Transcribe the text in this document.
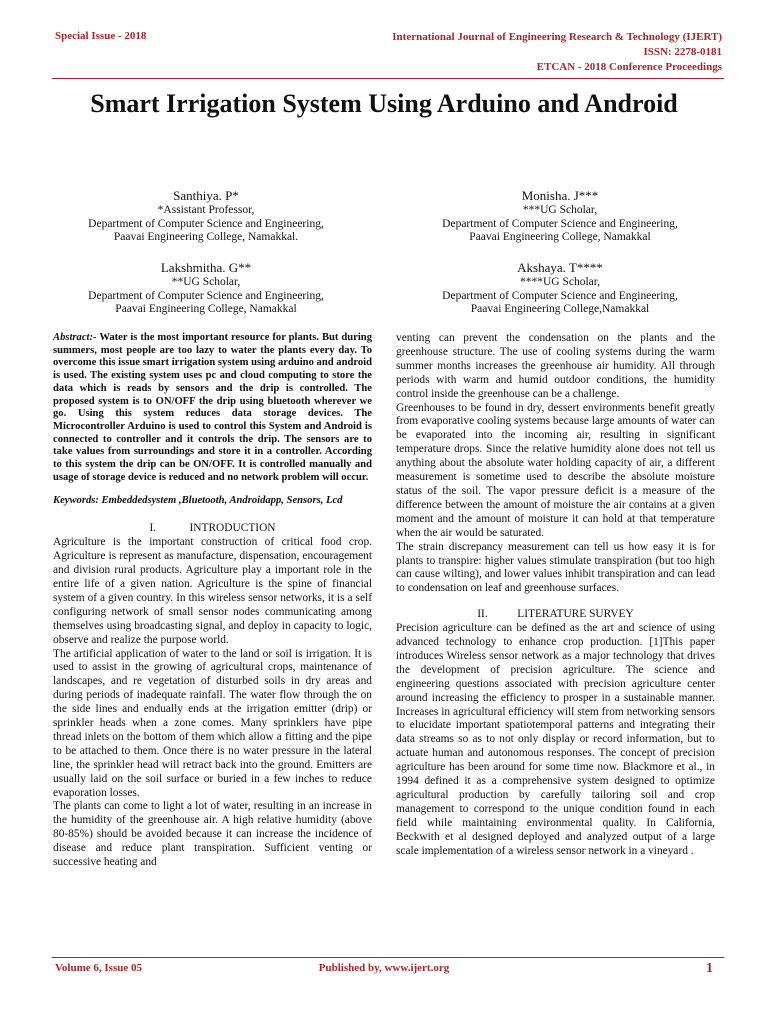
Special Issue - 2018	International Journal of Engineering Research & Technology (IJERT)
ISSN: 2278-0181
ETCAN - 2018 Conference Proceedings
Smart Irrigation System Using Arduino and Android
Santhiya. P*
*Assistant Professor,
Department of Computer Science and Engineering,
Paavai Engineering College, Namakkal.
Monisha. J***
***UG Scholar,
Department of Computer Science and Engineering,
Paavai Engineering College, Namakkal
Lakshmitha. G**
**UG Scholar,
Department of Computer Science and Engineering,
Paavai Engineering College, Namakkal
Akshaya. T****
****UG Scholar,
Department of Computer Science and Engineering,
Paavai Engineering College,Namakkal

Abstract:- Water is the most important resource for plants. But during summers, most people are too lazy to water the plants every day. To overcome this issue smart irrigation system using arduino and android is used. The existing system uses pc and cloud computing to store the data which is reads by sensors and the drip is controlled. The proposed system is to ON/OFF the drip using bluetooth wherever we go. Using this system reduces data storage devices. The Microcontroller Arduino is used to control this System and Android is connected to controller and it controls the drip. The sensors are to take values from surroundings and store it in a controller. According to this system the drip can be ON/OFF. It is controlled manually and usage of storage device is reduced and no network problem will occur.

Keywords: Embeddedsystem ,Bluetooth, Androidapp, Sensors, Lcd

I.	INTRODUCTION

Agriculture is the important construction of critical food crop. Agriculture is represent as manufacture, dispensation, encouragement and division rural products. Agriculture play a important role in the entire life of a given nation. Agriculture is the spine of financial system of a given country. In this wireless sensor networks, it is a self configuring network of small sensor nodes communicating among themselves using broadcasting signal, and deploy in capacity to logic, observe and realize the purpose world.

The artificial application of water to the land or soil is irrigation. It is used to assist in the growing of agricultural crops, maintenance of landscapes, and re vegetation of disturbed soils in dry areas and during periods of inadequate rainfall. The water flow through the on the side lines and endually ends at the irrigation emitter (drip) or sprinkler heads when a zone comes. Many sprinklers have pipe thread inlets on the bottom of them which allow a fitting and the pipe to be attached to them. Once there is no water pressure in the lateral line, the sprinkler head will retract back into the ground. Emitters are usually laid on the soil surface or buried in a few inches to reduce evaporation losses.

The plants can come to light a lot of water, resulting in an increase in the humidity of the greenhouse air. A high relative humidity (above 80-85%) should be avoided because it can increase the incidence of disease and reduce plant transpiration. Sufficient venting or successive heating and

venting can prevent the condensation on the plants and the greenhouse structure. The use of cooling systems during the warm summer months increases the greenhouse air humidity. All through periods with warm and humid outdoor conditions, the humidity control inside the greenhouse can be a challenge.

Greenhouses to be found in dry, dessert environments benefit greatly from evaporative cooling systems because large amounts of water can be evaporated into the incoming air, resulting in significant temperature drops. Since the relative humidity alone does not tell us anything about the absolute water holding capacity of air, a different measurement is sometime used to describe the absolute moisture status of the soil. The vapor pressure deficit is a measure of the difference between the amount of moisture the air contains at a given moment and the amount of moisture it can hold at that temperature when the air would be saturated.

The strain discrepancy measurement can tell us how easy it is for plants to transpire: higher values stimulate transpiration (but too high can cause wilting), and lower values inhibit transpiration and can lead to condensation on leaf and greenhouse surfaces.

II.	LITERATURE SURVEY

Precision agriculture can be defined as the art and science of using advanced technology to enhance crop production. [1]This paper introduces Wireless sensor network as a major technology that drives the development of precision agriculture. The science and engineering questions associated with precision agriculture center around increasing the efficiency to prosper in a sustainable manner. Increases in agricultural efficiency will stem from networking sensors to elucidate important spatiotemporal patterns and integrating their data streams so as to not only display or record information, but to actuate human and autonomous responses. The concept of precision agriculture has been around for some time now. Blackmore et al., in 1994 defined it as a comprehensive system designed to optimize agricultural production by carefully tailoring soil and crop management to correspond to the unique condition found in each field while maintaining environmental quality. In California, Beckwith et al designed deployed and analyzed output of a large scale implementation of a wireless sensor network in a vineyard .

Volume 6, Issue 05	Published by, www.ijert.org	1
